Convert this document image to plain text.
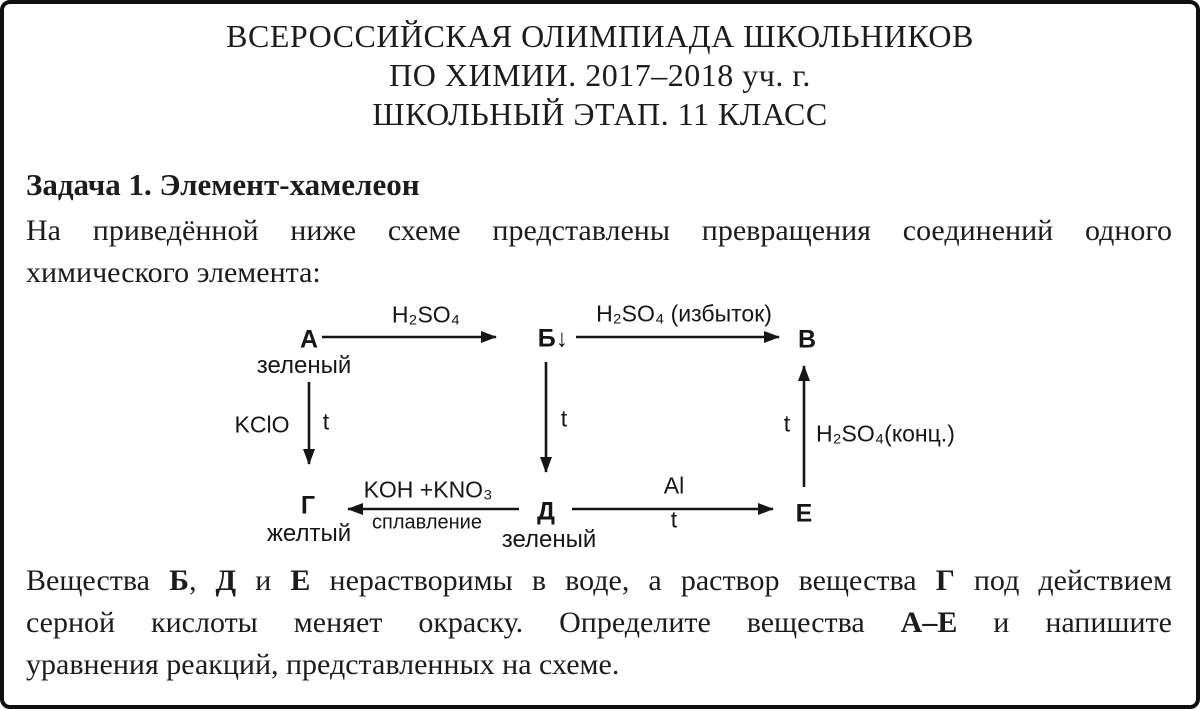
ВСЕРОССИЙСКАЯ ОЛИМПИАДА ШКОЛЬНИКОВ
ПО ХИМИИ. 2017–2018 уч. г.
ШКОЛЬНЫЙ ЭТАП. 11 КЛАСС
Задача 1. Элемент-хамелеон
На приведённой ниже схеме представлены превращения соединений одного
химического элемента:
А	Б↓	В
Г	Д	Е
зеленый
желтый	зеленый
H₂SO₄	H₂SO₄ (избыток)
KClO t	t	t H₂SO₄(конц.)
KOH +KNO₃
сплавление
Al
t
Вещества Б, Д и Е нерастворимы в воде, а раствор вещества Г под действием
серной кислоты меняет окраску. Определите вещества А–Е и напишите
уравнения реакций, представленных на схеме.
